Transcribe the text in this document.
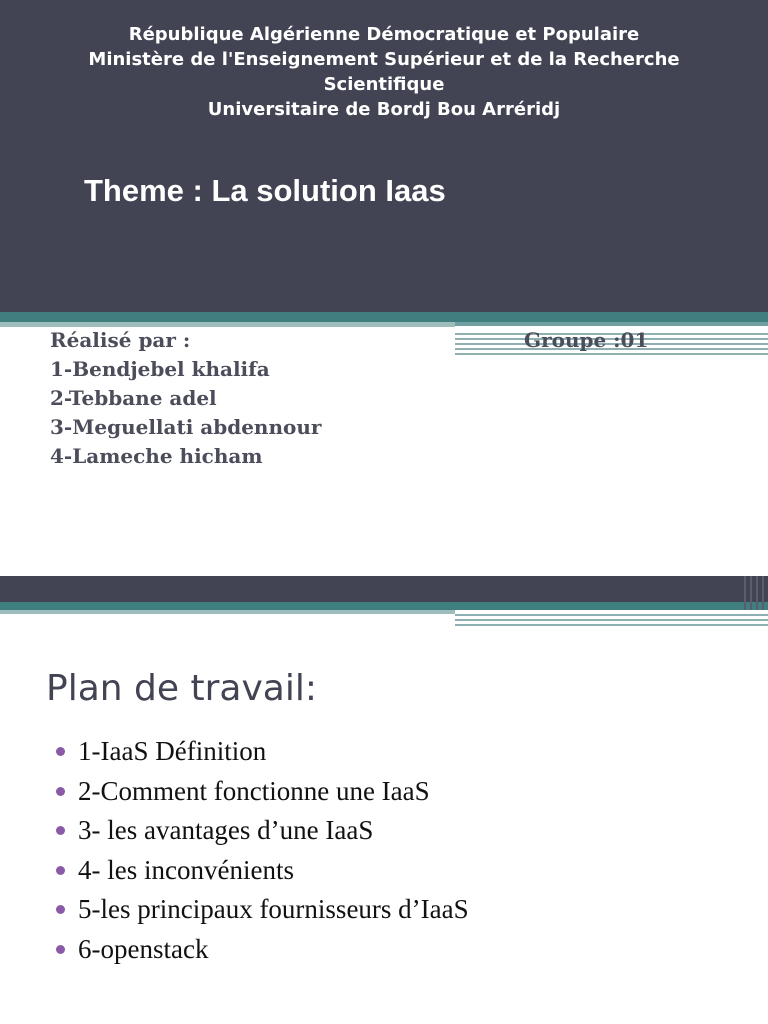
République Algérienne Démocratique et Populaire
Ministère de l'Enseignement Supérieur et de la Recherche
Scientifique
Universitaire de Bordj Bou Arréridj
Theme : La solution Iaas
Réalisé par :
1-Bendjebel khalifa
2-Tebbane adel
3-Meguellati abdennour
4-Lameche hicham
Groupe :01
Plan de travail:
1-IaaS Définition
2-Comment fonctionne une IaaS
3- les avantages d’une IaaS
4- les inconvénients
5-les principaux fournisseurs d’IaaS
6-openstack
